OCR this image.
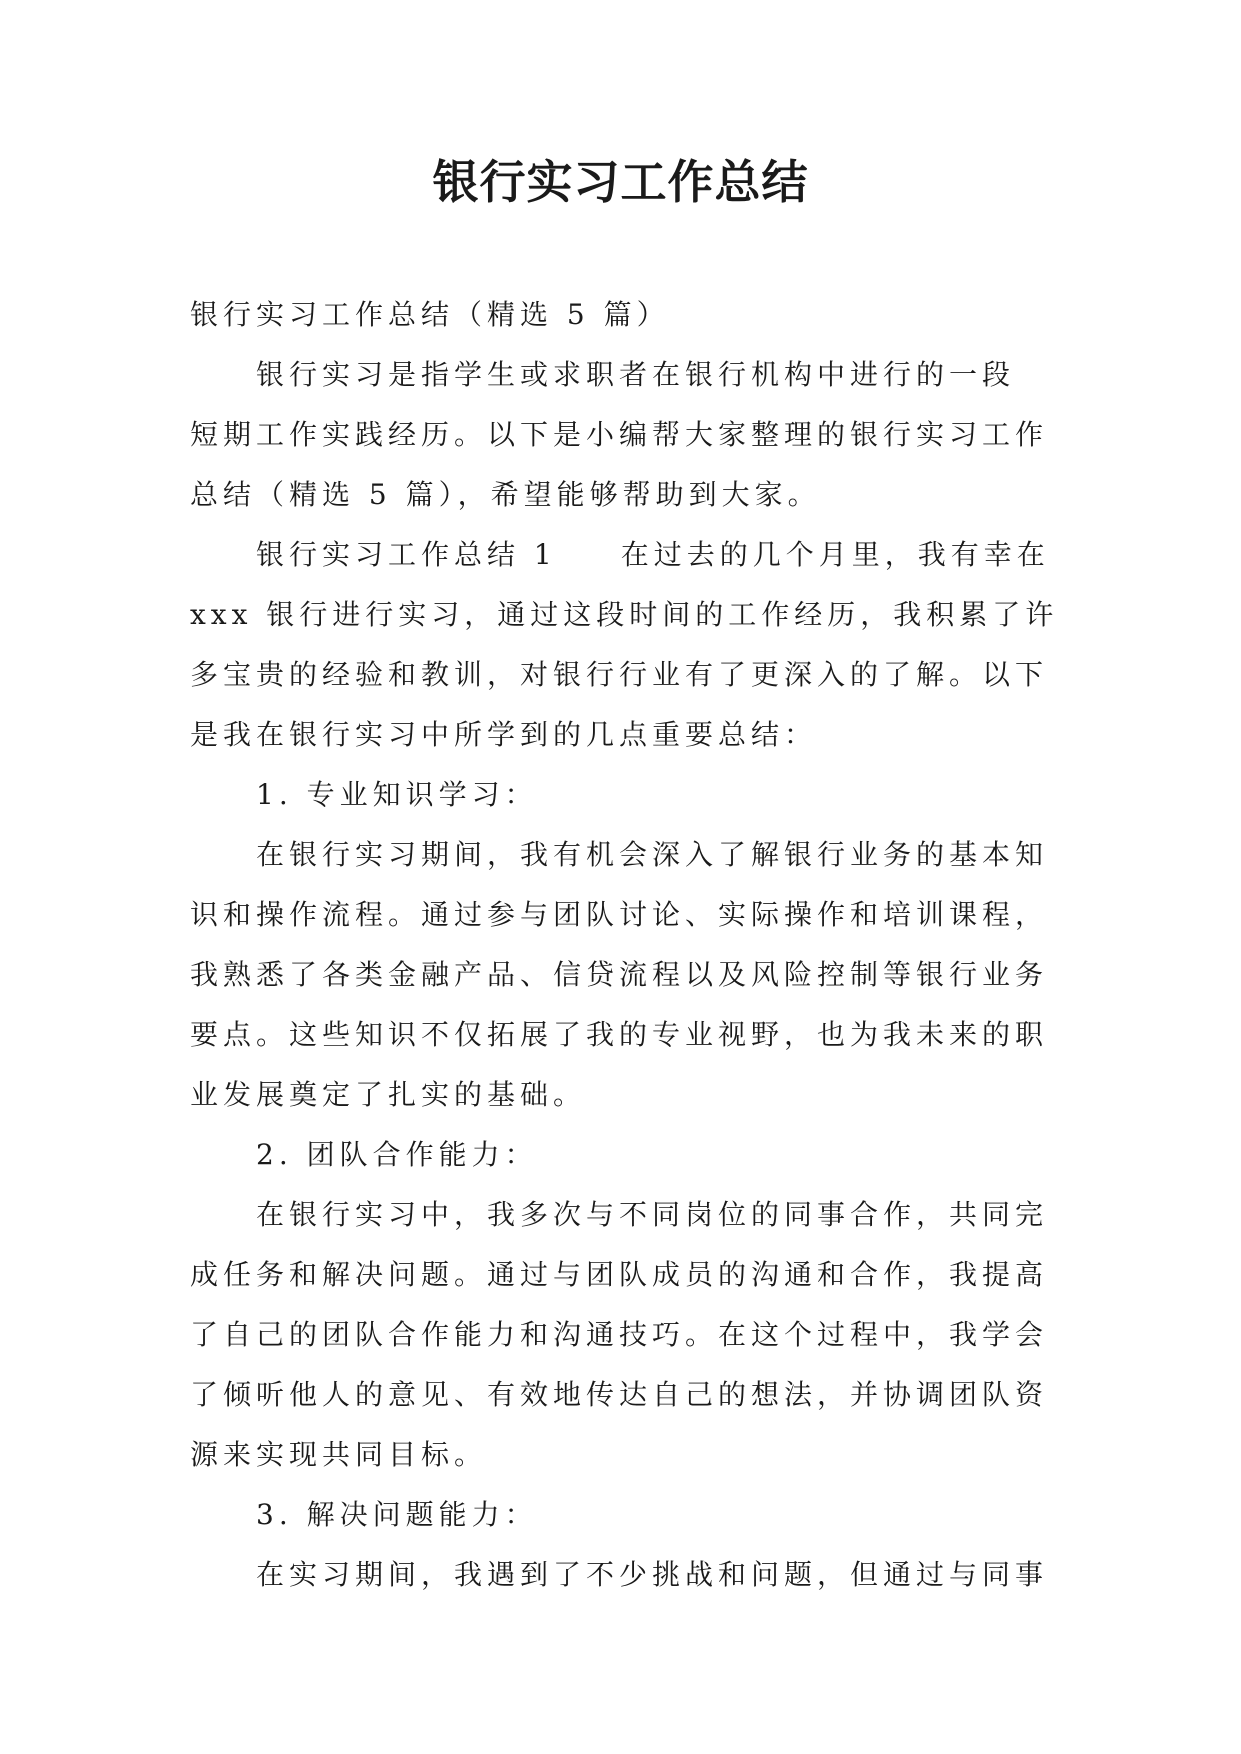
银行实习工作总结
银行实习工作总结（精选 5 篇）
银行实习是指学生或求职者在银行机构中进行的一段
短期工作实践经历。以下是小编帮大家整理的银行实习工作
总结（精选 5 篇），希望能够帮助到大家。
银行实习工作总结 1 在过去的几个月里，我有幸在
xxx 银行进行实习，通过这段时间的工作经历，我积累了许
多宝贵的经验和教训，对银行行业有了更深入的了解。以下
是我在银行实习中所学到的几点重要总结：
1. 专业知识学习：
在银行实习期间，我有机会深入了解银行业务的基本知
识和操作流程。通过参与团队讨论、实际操作和培训课程，
我熟悉了各类金融产品、信贷流程以及风险控制等银行业务
要点。这些知识不仅拓展了我的专业视野，也为我未来的职
业发展奠定了扎实的基础。
2. 团队合作能力：
在银行实习中，我多次与不同岗位的同事合作，共同完
成任务和解决问题。通过与团队成员的沟通和合作，我提高
了自己的团队合作能力和沟通技巧。在这个过程中，我学会
了倾听他人的意见、有效地传达自己的想法，并协调团队资
源来实现共同目标。
3. 解决问题能力：
在实习期间，我遇到了不少挑战和问题，但通过与同事
